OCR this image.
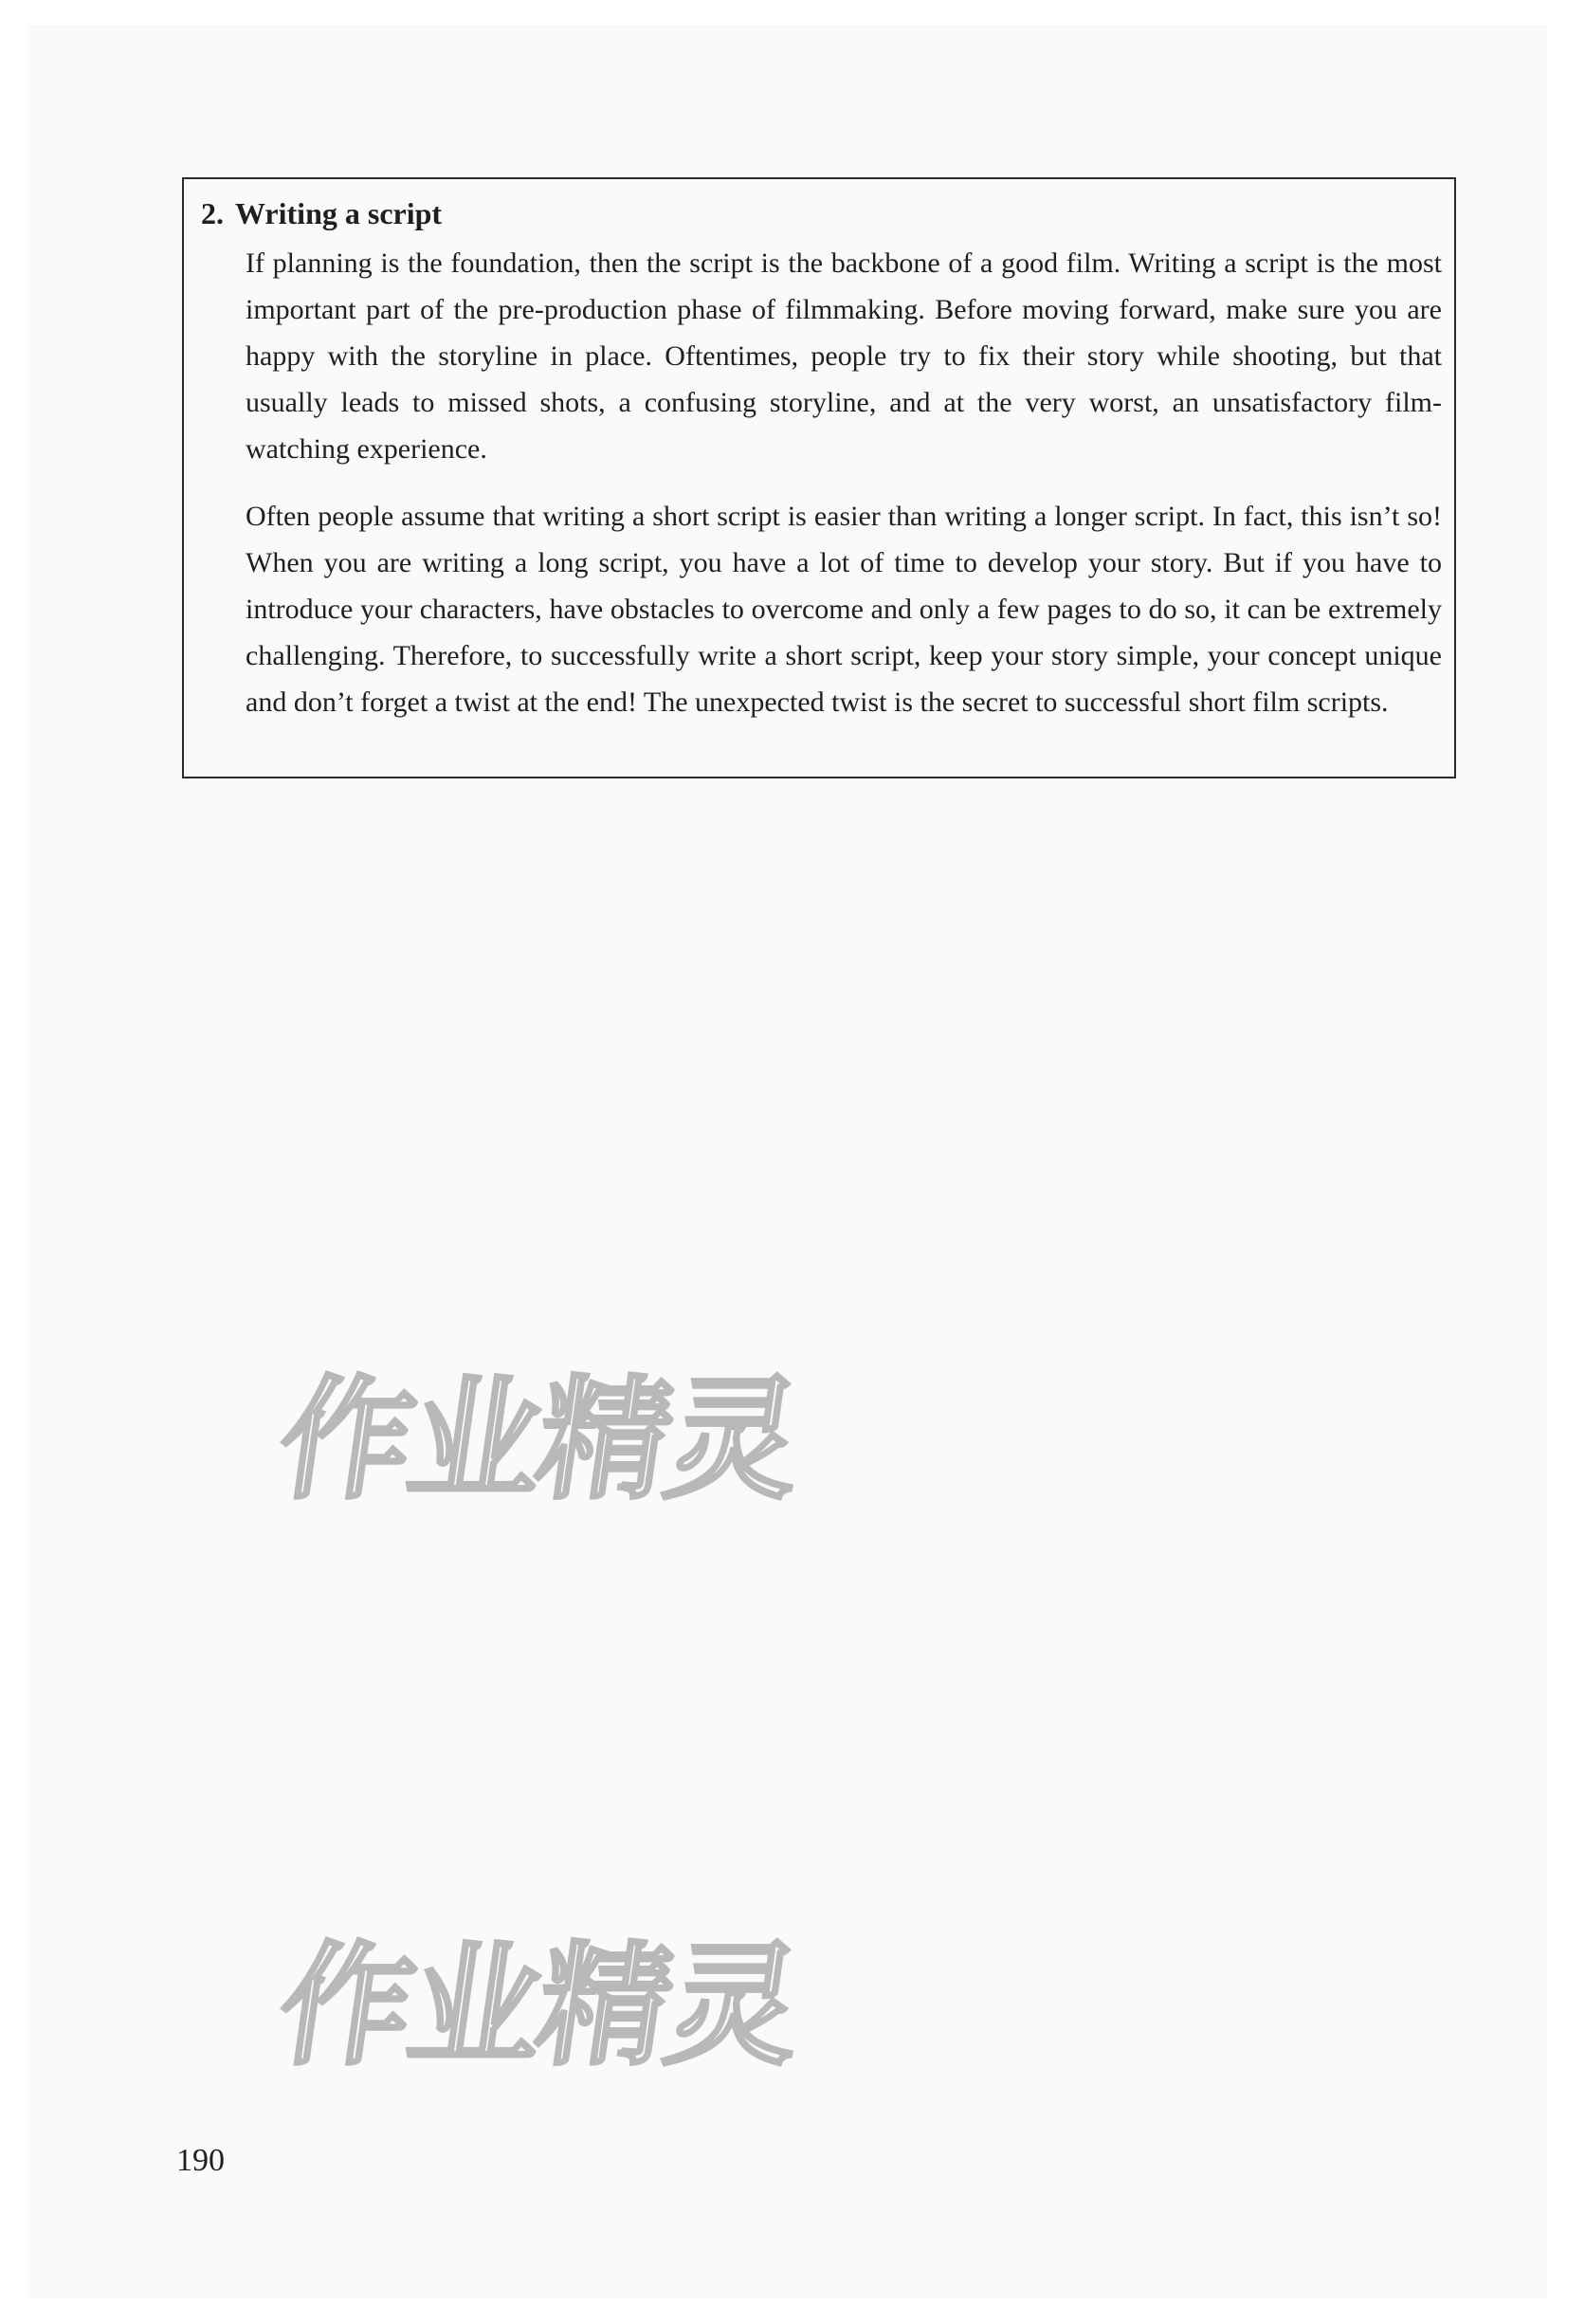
2. Writing a script

If planning is the foundation, then the script is the backbone of a good film. Writing a script is the most important part of the pre-production phase of filmmaking. Before moving forward, make sure you are happy with the storyline in place. Oftentimes, people try to fix their story while shooting, but that usually leads to missed shots, a confusing storyline, and at the very worst, an unsatisfactory film-watching experience.

Often people assume that writing a short script is easier than writing a longer script. In fact, this isn’t so! When you are writing a long script, you have a lot of time to develop your story. But if you have to introduce your characters, have obstacles to overcome and only a few pages to do so, it can be extremely challenging. Therefore, to successfully write a short script, keep your story simple, your concept unique and don’t forget a twist at the end! The unexpected twist is the secret to successful short film scripts.

作业精灵
作业精灵
190
